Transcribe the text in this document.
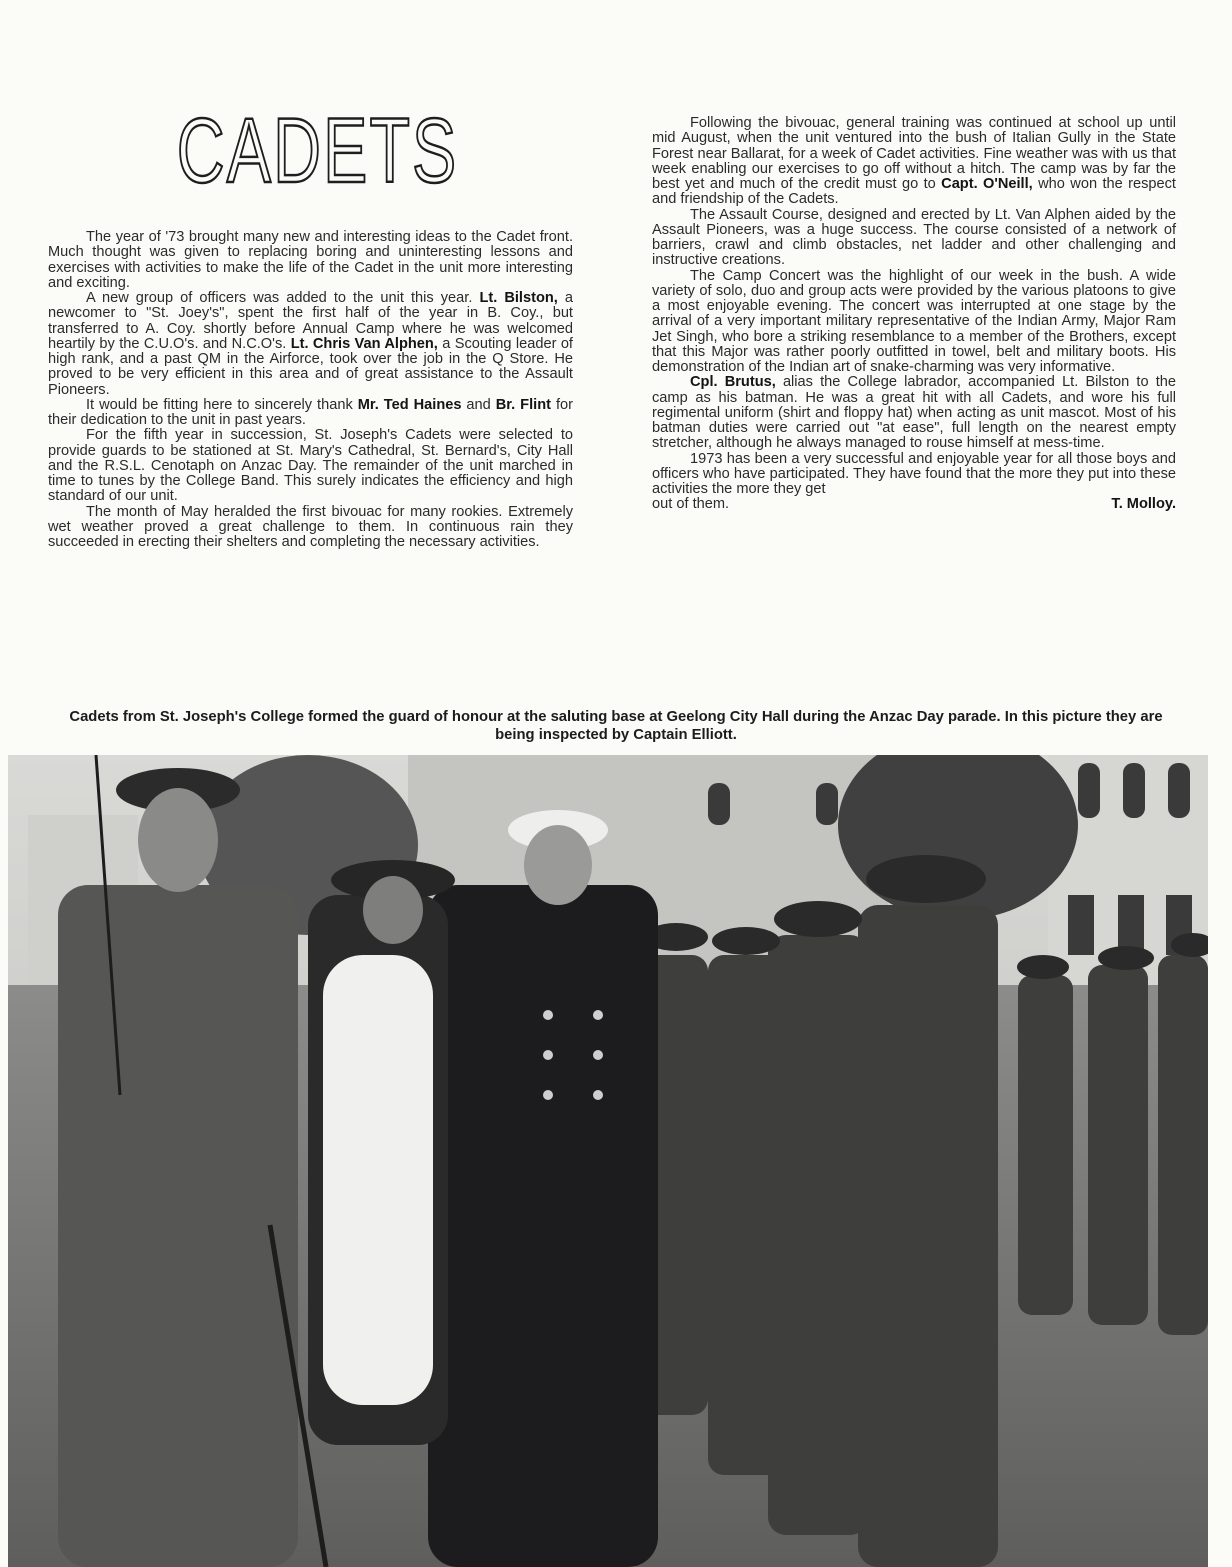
CADETS

The year of '73 brought many new and interesting ideas to the Cadet front. Much thought was given to replacing boring and uninteresting lessons and exercises with activities to make the life of the Cadet in the unit more interesting and exciting.

A new group of officers was added to the unit this year. Lt. Bilston, a newcomer to "St. Joey's", spent the first half of the year in B. Coy., but transferred to A. Coy. shortly before Annual Camp where he was welcomed heartily by the C.U.O's. and N.C.O's. Lt. Chris Van Alphen, a Scouting leader of high rank, and a past QM in the Airforce, took over the job in the Q Store. He proved to be very efficient in this area and of great assistance to the Assault Pioneers.

It would be fitting here to sincerely thank Mr. Ted Haines and Br. Flint for their dedication to the unit in past years.

For the fifth year in succession, St. Joseph's Cadets were selected to provide guards to be stationed at St. Mary's Cathedral, St. Bernard's, City Hall and the R.S.L. Cenotaph on Anzac Day. The remainder of the unit marched in time to tunes by the College Band. This surely indicates the efficiency and high standard of our unit.

The month of May heralded the first bivouac for many rookies. Extremely wet weather proved a great challenge to them. In continuous rain they succeeded in erecting their shelters and completing the necessary activities.

Following the bivouac, general training was continued at school up until mid August, when the unit ventured into the bush of Italian Gully in the State Forest near Ballarat, for a week of Cadet activities. Fine weather was with us that week enabling our exercises to go off without a hitch. The camp was by far the best yet and much of the credit must go to Capt. O'Neill, who won the respect and friendship of the Cadets.

The Assault Course, designed and erected by Lt. Van Alphen aided by the Assault Pioneers, was a huge success. The course consisted of a network of barriers, crawl and climb obstacles, net ladder and other challenging and instructive creations.

The Camp Concert was the highlight of our week in the bush. A wide variety of solo, duo and group acts were provided by the various platoons to give a most enjoyable evening. The concert was interrupted at one stage by the arrival of a very important military representative of the Indian Army, Major Ram Jet Singh, who bore a striking resemblance to a member of the Brothers, except that this Major was rather poorly outfitted in towel, belt and military boots. His demonstration of the Indian art of snake-charming was very informative.

Cpl. Brutus, alias the College labrador, accompanied Lt. Bilston to the camp as his batman. He was a great hit with all Cadets, and wore his full regimental uniform (shirt and floppy hat) when acting as unit mascot. Most of his batman duties were carried out "at ease", full length on the nearest empty stretcher, although he always managed to rouse himself at mess-time.

1973 has been a very successful and enjoyable year for all those boys and officers who have participated. They have found that the more they put into these activities the more they get

out of them.	T. Molloy.
Cadets from St. Joseph's College formed the guard of honour at the saluting base at Geelong City Hall during the Anzac Day parade. In this picture they are being inspected by Captain Elliott.
